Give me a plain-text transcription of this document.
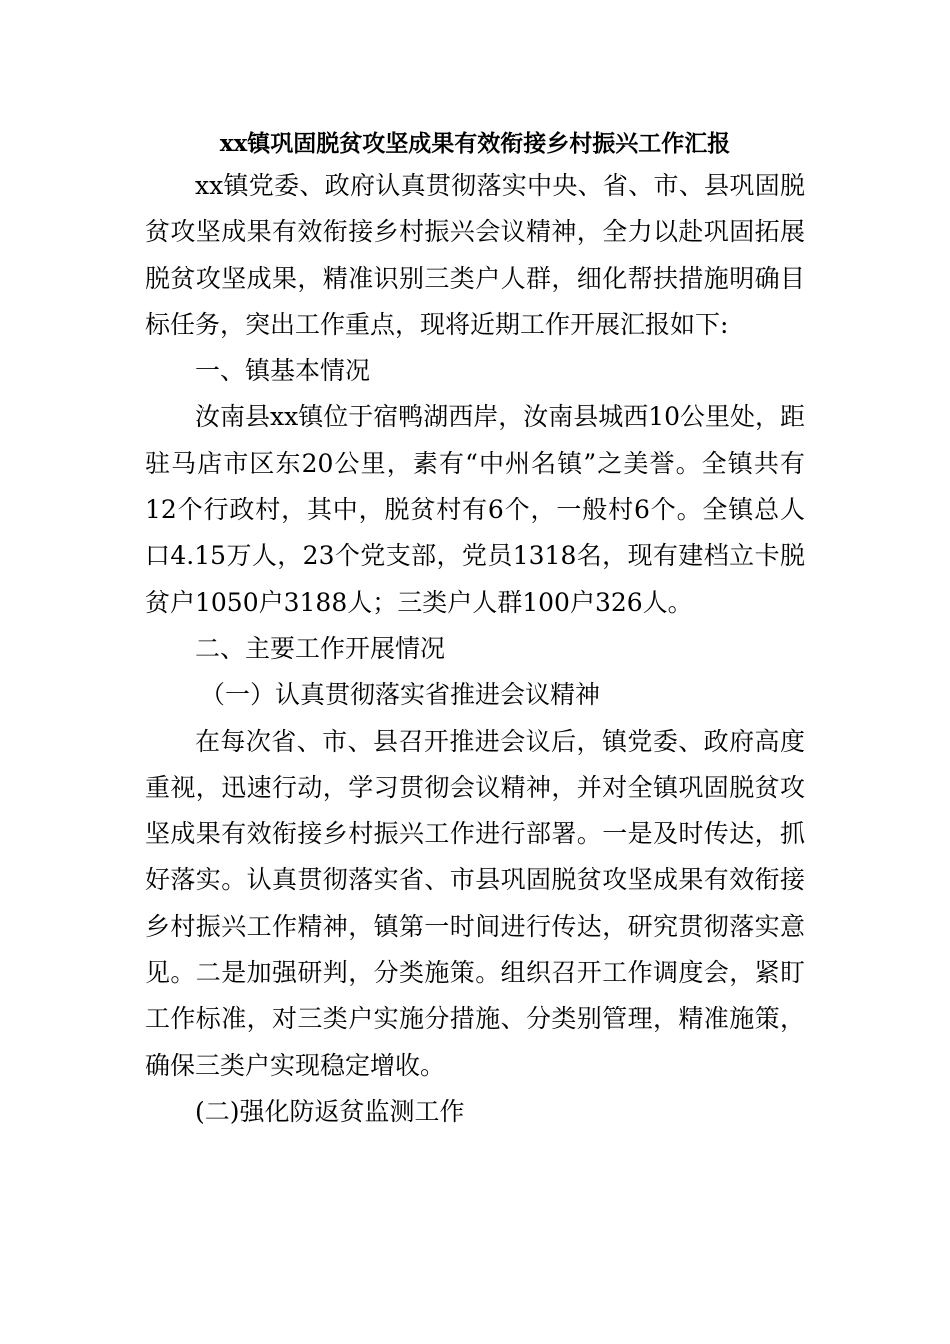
xx镇巩固脱贫攻坚成果有效衔接乡村振兴工作汇报

xx镇党委、政府认真贯彻落实中央、省、市、县巩固脱贫攻坚成果有效衔接乡村振兴会议精神，全力以赴巩固拓展脱贫攻坚成果，精准识别三类户人群，细化帮扶措施明确目标任务，突出工作重点，现将近期工作开展汇报如下:

一、镇基本情况

汝南县xx镇位于宿鸭湖西岸，汝南县城西10公里处，距驻马店市区东20公里，素有“中州名镇”之美誉。全镇共有12个行政村，其中，脱贫村有6个，一般村6个。全镇总人口4.15万人，23个党支部，党员1318名，现有建档立卡脱贫户1050户3188人；三类户人群100户326人。

二、主要工作开展情况

（一）认真贯彻落实省推进会议精神

在每次省、市、县召开推进会议后，镇党委、政府高度重视，迅速行动，学习贯彻会议精神，并对全镇巩固脱贫攻坚成果有效衔接乡村振兴工作进行部署。一是及时传达，抓好落实。认真贯彻落实省、市县巩固脱贫攻坚成果有效衔接乡村振兴工作精神，镇第一时间进行传达，研究贯彻落实意见。二是加强研判，分类施策。组织召开工作调度会，紧盯工作标准，对三类户实施分措施、分类别管理，精准施策，确保三类户实现稳定增收。

(二)强化防返贫监测工作
